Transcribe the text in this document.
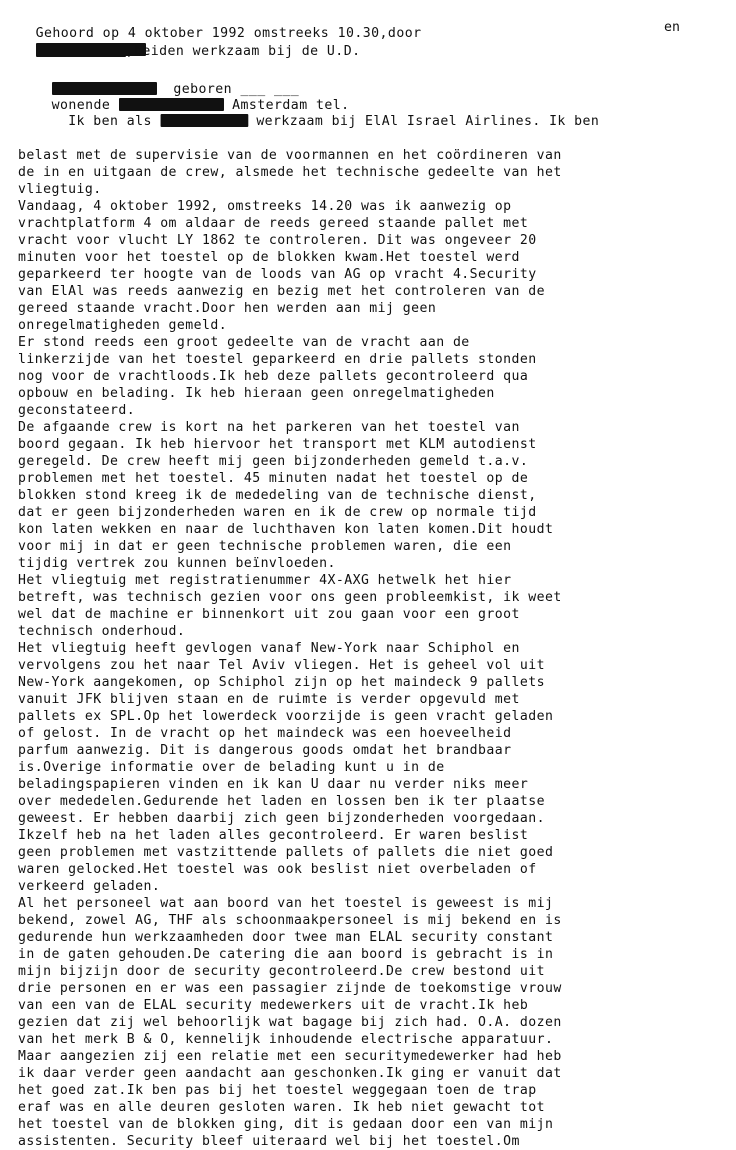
Gehoord op 4 oktober 1992 omstreeks 10.30,door

	en

,beiden werkzaam bij de U.D.

geboren ___ ___

wonende	Amsterdam tel.

Ik ben als	werkzaam bij ElAl Israel Airlines. Ik ben

belast met de supervisie van de voormannen en het coördineren van
de in en uitgaan de crew, alsmede het technische gedeelte van het
vliegtuig.
Vandaag, 4 oktober 1992, omstreeks 14.20 was ik aanwezig op
vrachtplatform 4 om aldaar de reeds gereed staande pallet met
vracht voor vlucht LY 1862 te controleren. Dit was ongeveer 20
minuten voor het toestel op de blokken kwam.Het toestel werd
geparkeerd ter hoogte van de loods van AG op vracht 4.Security
van ElAl was reeds aanwezig en bezig met het controleren van de
gereed staande vracht.Door hen werden aan mij geen
onregelmatigheden gemeld.
Er stond reeds een groot gedeelte van de vracht aan de
linkerzijde van het toestel geparkeerd en drie pallets stonden
nog voor de vrachtloods.Ik heb deze pallets gecontroleerd qua
opbouw en belading. Ik heb hieraan geen onregelmatigheden
geconstateerd.
De afgaande crew is kort na het parkeren van het toestel van
boord gegaan. Ik heb hiervoor het transport met KLM autodienst
geregeld. De crew heeft mij geen bijzonderheden gemeld t.a.v.
problemen met het toestel. 45 minuten nadat het toestel op de
blokken stond kreeg ik de mededeling van de technische dienst,
dat er geen bijzonderheden waren en ik de crew op normale tijd
kon laten wekken en naar de luchthaven kon laten komen.Dit houdt
voor mij in dat er geen technische problemen waren, die een
tijdig vertrek zou kunnen beïnvloeden.
Het vliegtuig met registratienummer 4X-AXG hetwelk het hier
betreft, was technisch gezien voor ons geen probleemkist, ik weet
wel dat de machine er binnenkort uit zou gaan voor een groot
technisch onderhoud.
Het vliegtuig heeft gevlogen vanaf New-York naar Schiphol en
vervolgens zou het naar Tel Aviv vliegen. Het is geheel vol uit
New-York aangekomen, op Schiphol zijn op het maindeck 9 pallets
vanuit JFK blijven staan en de ruimte is verder opgevuld met
pallets ex SPL.Op het lowerdeck voorzijde is geen vracht geladen
of gelost. In de vracht op het maindeck was een hoeveelheid
parfum aanwezig. Dit is dangerous goods omdat het brandbaar
is.Overige informatie over de belading kunt u in de
beladingspapieren vinden en ik kan U daar nu verder niks meer
over mededelen.Gedurende het laden en lossen ben ik ter plaatse
geweest. Er hebben daarbij zich geen bijzonderheden voorgedaan.
Ikzelf heb na het laden alles gecontroleerd. Er waren beslist
geen problemen met vastzittende pallets of pallets die niet goed
waren gelocked.Het toestel was ook beslist niet overbeladen of
verkeerd geladen.
Al het personeel wat aan boord van het toestel is geweest is mij
bekend, zowel AG, THF als schoonmaakpersoneel is mij bekend en is
gedurende hun werkzaamheden door twee man ELAL security constant
in de gaten gehouden.De catering die aan boord is gebracht is in
mijn bijzijn door de security gecontroleerd.De crew bestond uit
drie personen en er was een passagier zijnde de toekomstige vrouw
van een van de ELAL security medewerkers uit de vracht.Ik heb
gezien dat zij wel behoorlijk wat bagage bij zich had. O.A. dozen
van het merk B & O, kennelijk inhoudende electrische apparatuur.
Maar aangezien zij een relatie met een securitymedewerker had heb
ik daar verder geen aandacht aan geschonken.Ik ging er vanuit dat
het goed zat.Ik ben pas bij het toestel weggegaan toen de trap
eraf was en alle deuren gesloten waren. Ik heb niet gewacht tot
het toestel van de blokken ging, dit is gedaan door een van mijn
assistenten. Security bleef uiteraard wel bij het toestel.Om
